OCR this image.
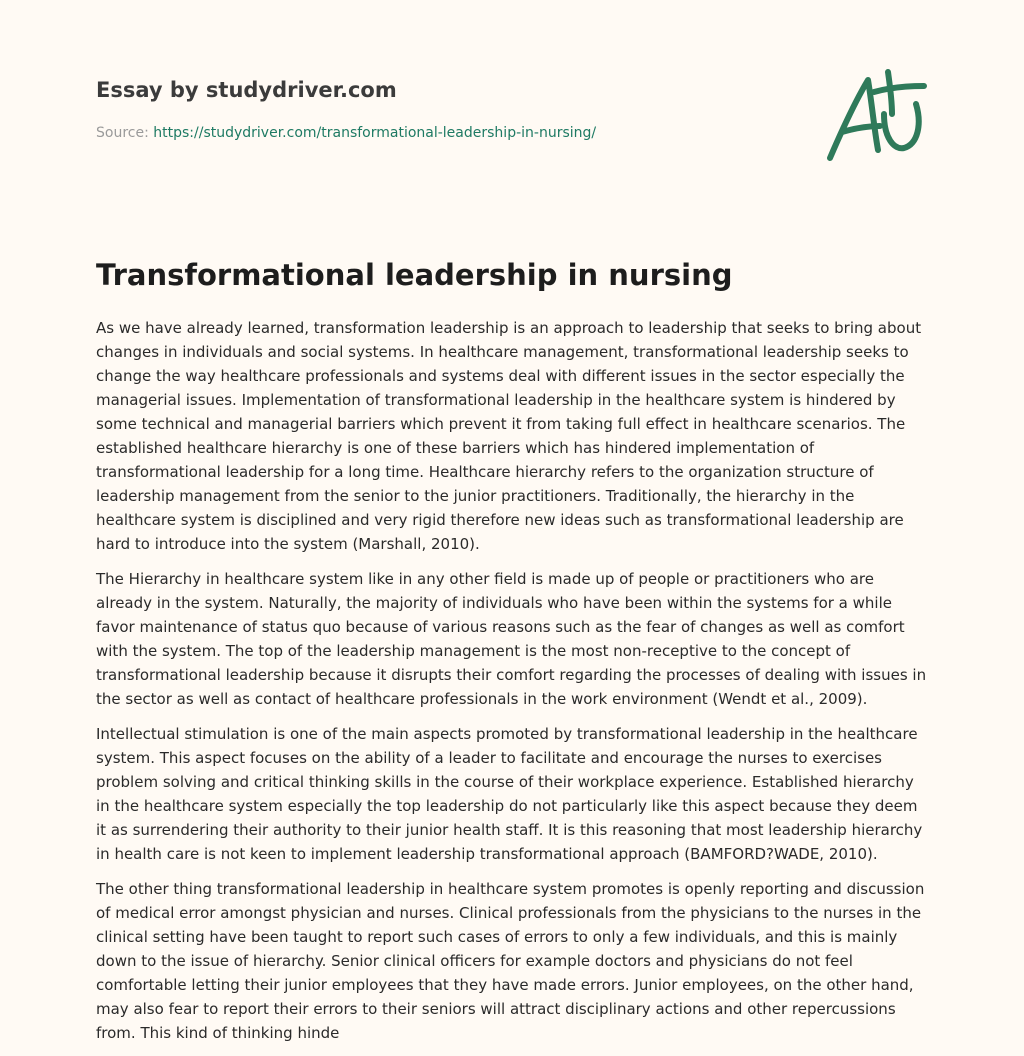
Essay by studydriver.com
Source: https://studydriver.com/transformational-leadership-in-nursing/
Transformational leadership in nursing

As we have already learned, transformation leadership is an approach to leadership that seeks to bring about changes in individuals and social systems. In healthcare management, transformational leadership seeks to change the way healthcare professionals and systems deal with different issues in the sector especially the managerial issues. Implementation of transformational leadership in the healthcare system is hindered by some technical and managerial barriers which prevent it from taking full effect in healthcare scenarios. The established healthcare hierarchy is one of these barriers which has hindered implementation of transformational leadership for a long time. Healthcare hierarchy refers to the organization structure of leadership management from the senior to the junior practitioners. Traditionally, the hierarchy in the healthcare system is disciplined and very rigid therefore new ideas such as transformational leadership are hard to introduce into the system (Marshall, 2010).

The Hierarchy in healthcare system like in any other field is made up of people or practitioners who are already in the system. Naturally, the majority of individuals who have been within the systems for a while favor maintenance of status quo because of various reasons such as the fear of changes as well as comfort with the system. The top of the leadership management is the most non-receptive to the concept of transformational leadership because it disrupts their comfort regarding the processes of dealing with issues in the sector as well as contact of healthcare professionals in the work environment (Wendt et al., 2009).

Intellectual stimulation is one of the main aspects promoted by transformational leadership in the healthcare system. This aspect focuses on the ability of a leader to facilitate and encourage the nurses to exercises problem solving and critical thinking skills in the course of their workplace experience. Established hierarchy in the healthcare system especially the top leadership do not particularly like this aspect because they deem it as surrendering their authority to their junior health staff. It is this reasoning that most leadership hierarchy in health care is not keen to implement leadership transformational approach (BAMFORD?WADE, 2010).

The other thing transformational leadership in healthcare system promotes is openly reporting and discussion of medical error amongst physician and nurses. Clinical professionals from the physicians to the nurses in the clinical setting have been taught to report such cases of errors to only a few individuals, and this is mainly down to the issue of hierarchy. Senior clinical officers for example doctors and physicians do not feel comfortable letting their junior employees that they have made errors. Junior employees, on the other hand, may also fear to report their errors to their seniors will attract disciplinary actions and other repercussions from. This kind of thinking hinde
